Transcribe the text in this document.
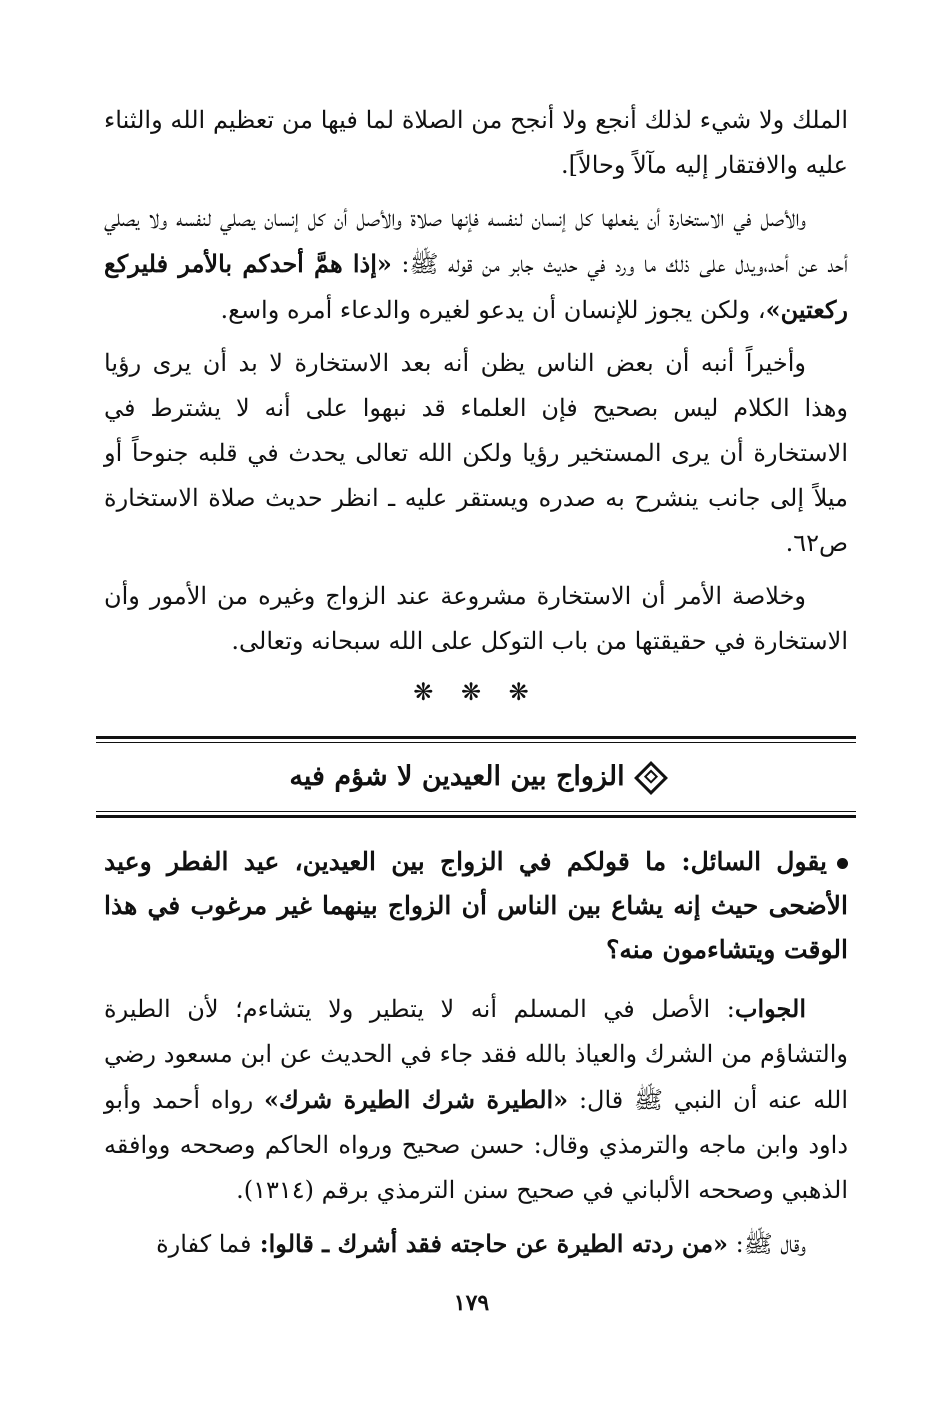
الملك ولا شيء لذلك أنجع ولا أنجح من الصلاة لما فيها من تعظيم الله والثناء عليه والافتقار إليه مآلاً وحالاً].

والأصل في الاستخارة أن يفعلها كل إنسان لنفسه فإنها صلاة والأصل أن كل إنسان يصلي لنفسه ولا يصلي أحد عن أحد،ويدل على ذلك ما ورد في حديث جابر من قوله ﷺ: «إذا همَّ أحدكم بالأمر فليركع ركعتين»، ولكن يجوز للإنسان أن يدعو لغيره والدعاء أمره واسع.

وأخيراً أنبه أن بعض الناس يظن أنه بعد الاستخارة لا بد أن يرى رؤيا وهذا الكلام ليس بصحيح فإن العلماء قد نبهوا على أنه لا يشترط في الاستخارة أن يرى المستخير رؤيا ولكن الله تعالى يحدث في قلبه جنوحاً أو ميلاً إلى جانب ينشرح به صدره ويستقر عليه ـ انظر حديث صلاة الاستخارة ص٦٢.

وخلاصة الأمر أن الاستخارة مشروعة عند الزواج وغيره من الأمور وأن الاستخارة في حقيقتها من باب التوكل على الله سبحانه وتعالى.

❋ ❋ ❋
الزواج بين العيدين لا شؤم فيه

يقول السائل: ما قولكم في الزواج بين العيدين، عيد الفطر وعيد الأضحى حيث إنه يشاع بين الناس أن الزواج بينهما غير مرغوب في هذا الوقت ويتشاءمون منه؟

الجواب: الأصل في المسلم أنه لا يتطير ولا يتشاءم؛ لأن الطيرة والتشاؤم من الشرك والعياذ بالله فقد جاء في الحديث عن ابن مسعود رضي الله عنه أن النبي ﷺ قال: «الطيرة شرك الطيرة شرك» رواه أحمد وأبو داود وابن ماجه والترمذي وقال: حسن صحيح ورواه الحاكم وصححه ووافقه الذهبي وصححه الألباني في صحيح سنن الترمذي برقم (١٣١٤).

وقال ﷺ: «من ردته الطيرة عن حاجته فقد أشرك ـ قالوا: فما كفارة

١٧٩
